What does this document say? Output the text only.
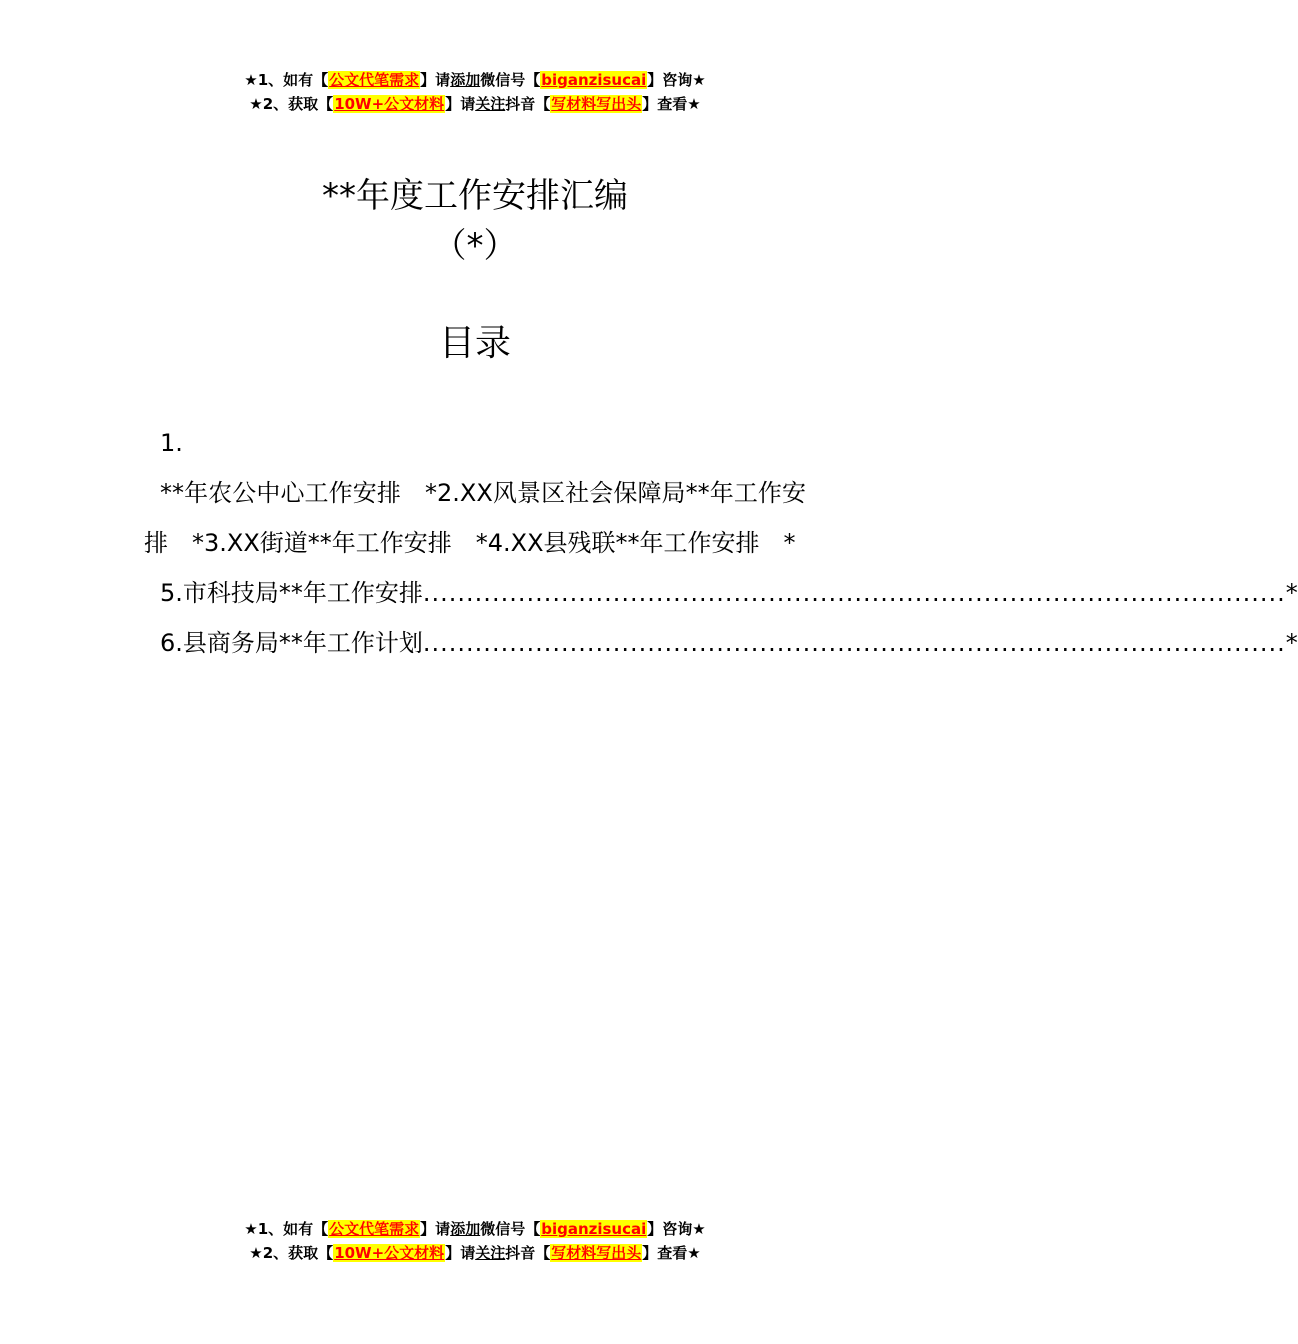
★1、如有【公文代笔需求】请添加微信号【biganzisucai】咨询★
★2、获取【10W+公文材料】请关注抖音【写材料写出头】查看★
**年度工作安排汇编
（*）
目录
1.
**年农公中心工作安排　*2.XX风景区社会保障局**年工作安排　*3.XX街道**年工作安排　*4.XX县残联**年工作安排　*
5.市科技局**年工作安排 .................................................................................................... *
6.县商务局**年工作计划 .................................................................................................... *
★1、如有【公文代笔需求】请添加微信号【biganzisucai】咨询★
★2、获取【10W+公文材料】请关注抖音【写材料写出头】查看★
